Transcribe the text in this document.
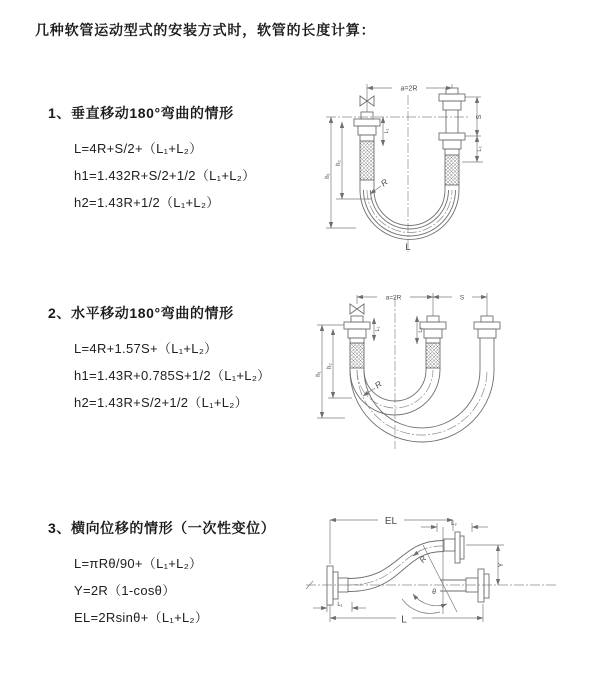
几种软管运动型式的安装方式时，软管的长度计算：
1、垂直移动180°弯曲的情形
L=4R+S/2+（L₁+L₂）
h1=1.432R+S/2+1/2（L₁+L₂）
h2=1.43R+1/2（L₁+L₂）
2、水平移动180°弯曲的情形
L=4R+1.57S+（L₁+L₂）
h1=1.43R+0.785S+1/2（L₁+L₂）
h2=1.43R+S/2+1/2（L₁+L₂）
3、横向位移的情形（一次性变位）
L=πRθ/90+（L₁+L₂）
Y=2R（1-cosθ）
EL=2Rsinθ+（L₁+L₂）
a=2R
R
h₁
h₂
L₁
S
L₂
L
a=2R	S
R
h₁
h₂
L₁	L₂
EL	L₂
θ
R
Y
L₁
L
